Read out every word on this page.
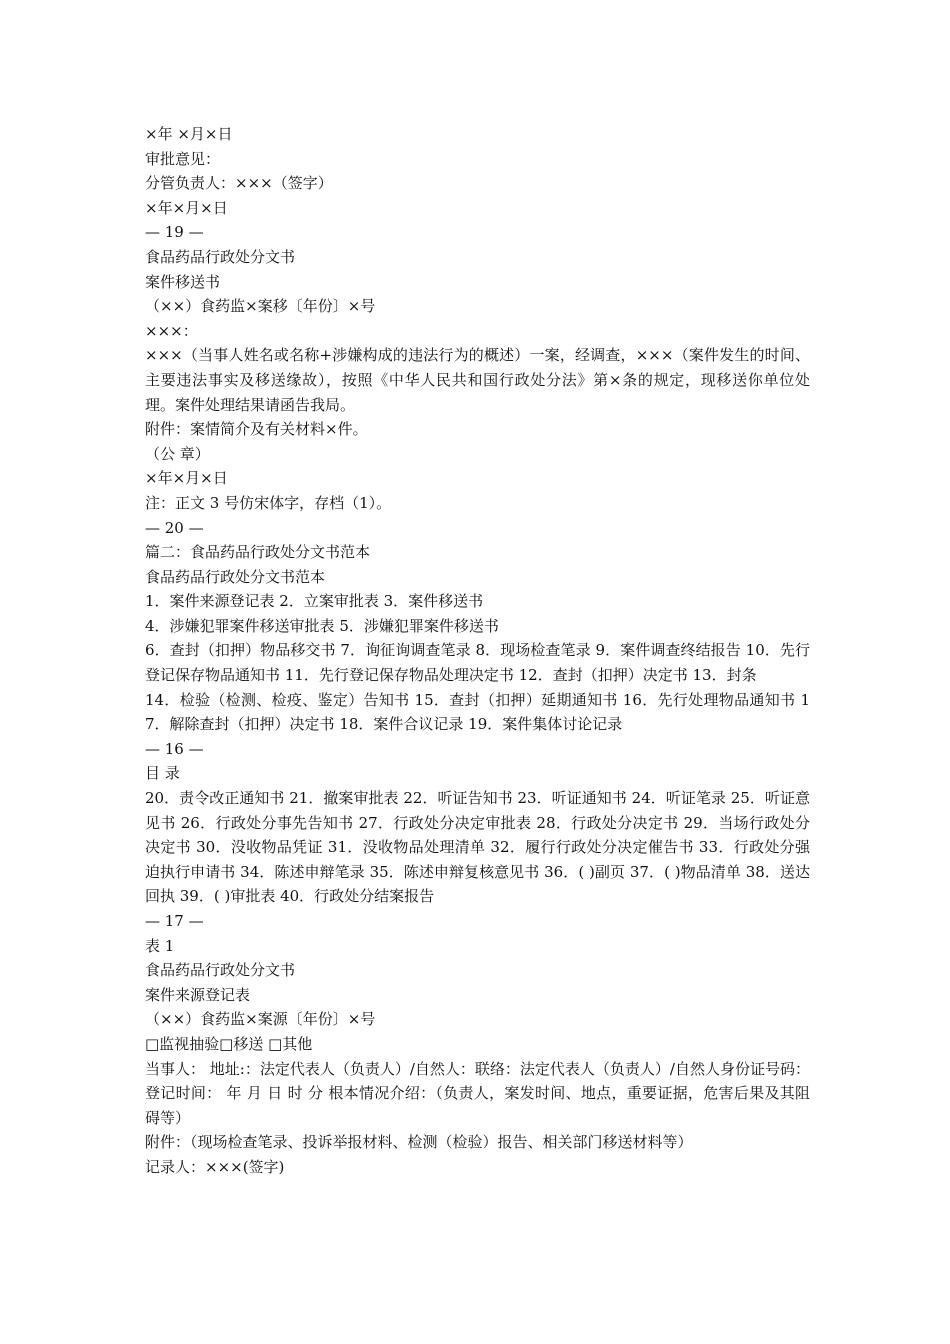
×年 ×月×日
审批意见：
分管负责人：×××（签字）
×年×月×日
— 19 —
食品药品行政处分文书
案件移送书
（××）食药监×案移〔年份〕×号
×××：
×××（当事人姓名或名称+涉嫌构成的违法行为的概述）一案，经调查，×××（案件发生的时间、主要违法事实及移送缘故），按照《中华人民共和国行政处分法》第×条的规定，现移送你单位处理。案件处理结果请函告我局。
附件：案情简介及有关材料×件。
（公 章）
×年×月×日
注：正文 3 号仿宋体字，存档（1）。
— 20 —
篇二：食品药品行政处分文书范本
食品药品行政处分文书范本
1．案件来源登记表 2．立案审批表 3．案件移送书
4．涉嫌犯罪案件移送审批表 5．涉嫌犯罪案件移送书
6．查封（扣押）物品移交书 7．询征询调查笔录 8．现场检查笔录 9．案件调查终结报告 10．先行登记保存物品通知书 11．先行登记保存物品处理决定书 12．查封（扣押）决定书 13．封条
14．检验（检测、检疫、鉴定）告知书 15．查封（扣押）延期通知书 16．先行处理物品通知书 17．解除查封（扣押）决定书 18．案件合议记录 19．案件集体讨论记录
— 16 —
目 录
20．责令改正通知书 21．撤案审批表 22．听证告知书 23．听证通知书 24．听证笔录 25．听证意见书 26．行政处分事先告知书 27．行政处分决定审批表 28．行政处分决定书 29．当场行政处分决定书 30．没收物品凭证 31．没收物品处理清单 32．履行行政处分决定催告书 33．行政处分强迫执行申请书 34．陈述申辩笔录 35．陈述申辩复核意见书 36．( )副页 37．( )物品清单 38．送达回执 39．( )审批表 40．行政处分结案报告
— 17 —
表 1
食品药品行政处分文书
案件来源登记表
（××）食药监×案源〔年份〕×号
□监视抽验□移送 □其他
当事人： 地址:：法定代表人（负责人）/自然人：联络：法定代表人（负责人）/自然人身份证号码： 登记时间： 年 月 日 时 分 根本情况介绍：（负责人，案发时间、地点，重要证据，危害后果及其阻碍等）
附件：（现场检查笔录、投诉举报材料、检测（检验）报告、相关部门移送材料等）
记录人：×××(签字)
